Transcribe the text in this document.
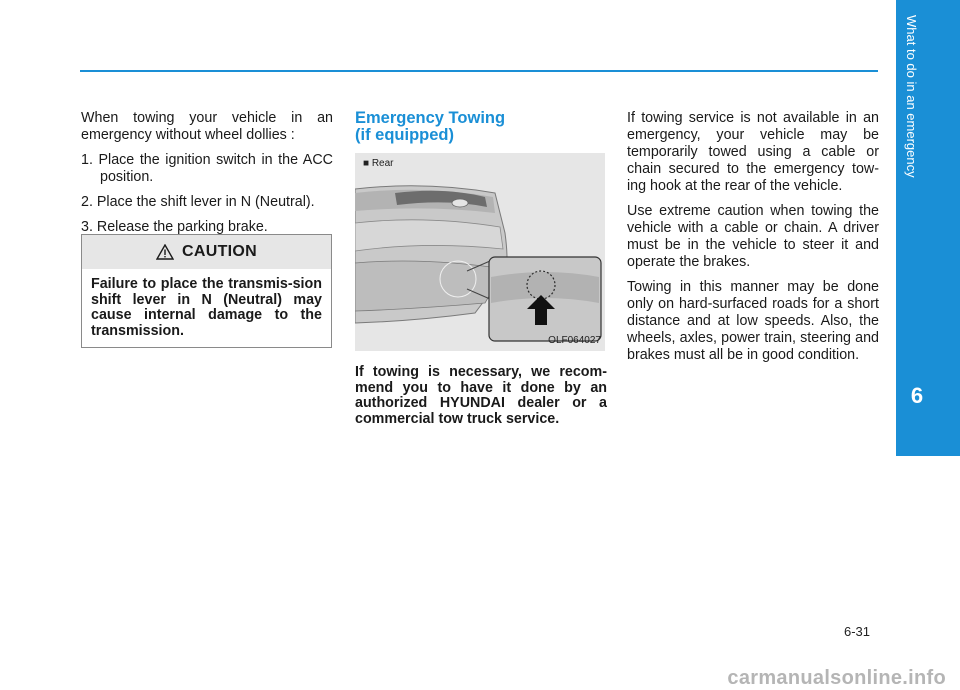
What to do in an emergency
6

When towing your vehicle in an emergency without wheel dollies :

1. Place the ignition switch in the ACC position.
2. Place the shift lever in N (Neutral).
3. Release the parking brake.
CAUTION
Failure to place the transmis-sion shift lever in N (Neutral) may cause internal damage to the transmission.
Emergency Towing
(if equipped)
■ Rear
OLF064027

If towing is necessary, we recom-mend you to have it done by an authorized HYUNDAI dealer or a commercial tow truck service.

If towing service is not available in an emergency, your vehicle may be temporarily towed using a cable or chain secured to the emergency tow-ing hook at the rear of the vehicle.

Use extreme caution when towing the vehicle with a cable or chain. A driver must be in the vehicle to steer it and operate the brakes.

Towing in this manner may be done only on hard-surfaced roads for a short distance and at low speeds. Also, the wheels, axles, power train, steering and brakes must all be in good condition.

6-31
carmanualsonline.info
